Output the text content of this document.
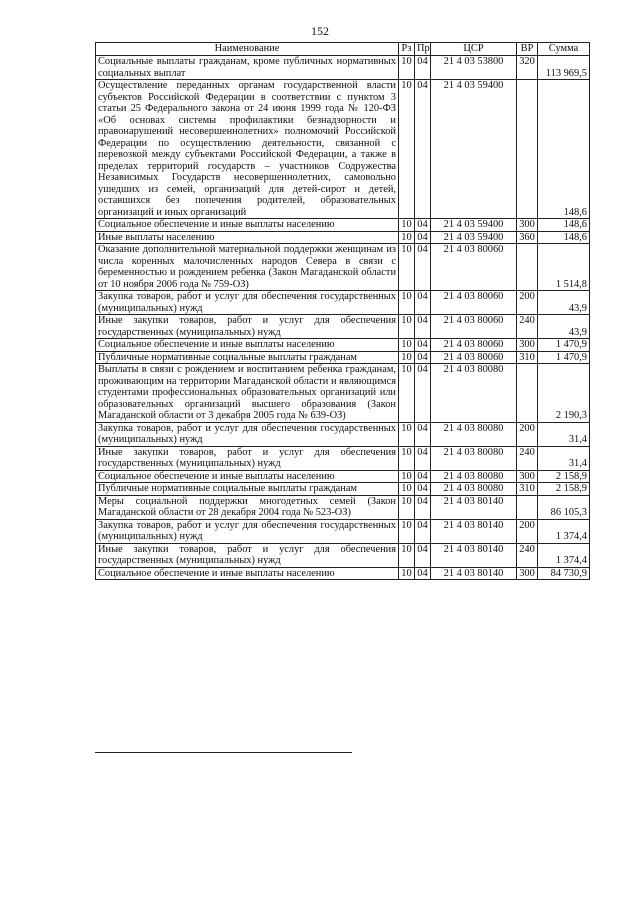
152
Наименование	Рз	Пр	ЦСР	ВР	Сумма
Социальные выплаты гражданам, кроме публичных нормативных социальных выплат	10	04	21 4 03 53800	320	113 969,5
Осуществление переданных органам государственной власти субъектов Российской Федерации в соответствии с пунктом 3 статьи 25 Федерального закона от 24 июня 1999 года № 120-ФЗ «Об основах системы профилактики безнадзорности и правонарушений несовершеннолетних» полномочий Российской Федерации по осуществлению деятельности, связанной с перевозкой между субъектами Российской Федерации, а также в пределах территорий государств – участников Содружества Независимых Государств несовершеннолетних, самовольно ушедших из семей, организаций для детей-сирот и детей, оставшихся без попечения родителей, образовательных организаций и иных организаций	10	04	21 4 03 59400		148,6
Социальное обеспечение и иные выплаты населению	10	04	21 4 03 59400	300	148,6
Иные выплаты населению	10	04	21 4 03 59400	360	148,6
Оказание дополнительной материальной поддержки женщинам из числа коренных малочисленных народов Севера в связи с беременностью и рождением ребенка (Закон Магаданской области от 10 ноября 2006 года № 759-ОЗ)	10	04	21 4 03 80060		1 514,8
Закупка товаров, работ и услуг для обеспечения государственных (муниципальных) нужд	10	04	21 4 03 80060	200	43,9
Иные закупки товаров, работ и услуг для обеспечения государственных (муниципальных) нужд	10	04	21 4 03 80060	240	43,9
Социальное обеспечение и иные выплаты населению	10	04	21 4 03 80060	300	1 470,9
Публичные нормативные социальные выплаты гражданам	10	04	21 4 03 80060	310	1 470,9
Выплаты в связи с рождением и воспитанием ребенка гражданам, проживающим на территории Магаданской области и являющимся студентами профессиональных образовательных организаций или образовательных организаций высшего образования (Закон Магаданской области от 3 декабря 2005 года № 639-ОЗ)	10	04	21 4 03 80080		2 190,3
Закупка товаров, работ и услуг для обеспечения государственных (муниципальных) нужд	10	04	21 4 03 80080	200	31,4
Иные закупки товаров, работ и услуг для обеспечения государственных (муниципальных) нужд	10	04	21 4 03 80080	240	31,4
Социальное обеспечение и иные выплаты населению	10	04	21 4 03 80080	300	2 158,9
Публичные нормативные социальные выплаты гражданам	10	04	21 4 03 80080	310	2 158,9
Меры социальной поддержки многодетных семей (Закон Магаданской области от 28 декабря 2004 года № 523-ОЗ)	10	04	21 4 03 80140		86 105,3
Закупка товаров, работ и услуг для обеспечения государственных (муниципальных) нужд	10	04	21 4 03 80140	200	1 374,4
Иные закупки товаров, работ и услуг для обеспечения государственных (муниципальных) нужд	10	04	21 4 03 80140	240	1 374,4
Социальное обеспечение и иные выплаты населению	10	04	21 4 03 80140	300	84 730,9
